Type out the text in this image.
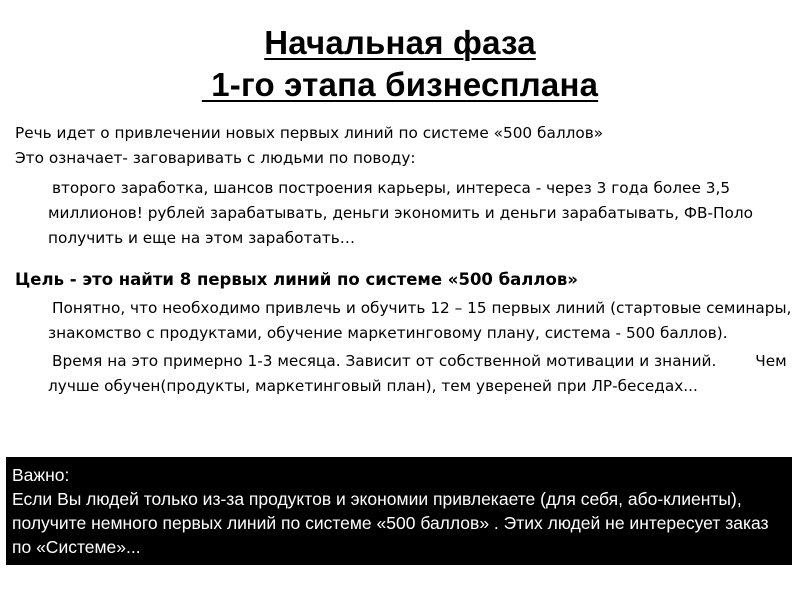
Начальная фаза
1-го этапа бизнесплана

Речь идет о привлечении новых первых линий по системе «500 баллов»

Это означает- заговаривать с людьми по поводу:

второго заработка, шансов построения карьеры, интереса - через 3 года более 3,5 миллионов! рублей зарабатывать, деньги экономить и деньги зарабатывать, ФВ-Поло получить и еще на этом заработать…

Цель - это найти 8 первых линий по системе «500 баллов»

Понятно, что необходимо привлечь и обучить 12 – 15 первых линий (стартовые семинары, знакомство с продуктами, обучение маркетинговому плану, система - 500 баллов).

Время на это примерно 1-3 месяца. Зависит от собственной мотивации и знаний.        Чем лучше обучен(продукты, маркетинговый план), тем увереней при ЛР-беседах...

Важно:
Если Вы людей только из-за продуктов и экономии привлекаете (для себя, або-клиенты), получите немного первых линий по системе «500 баллов» . Этих людей не интересует заказ по «Системе»...
